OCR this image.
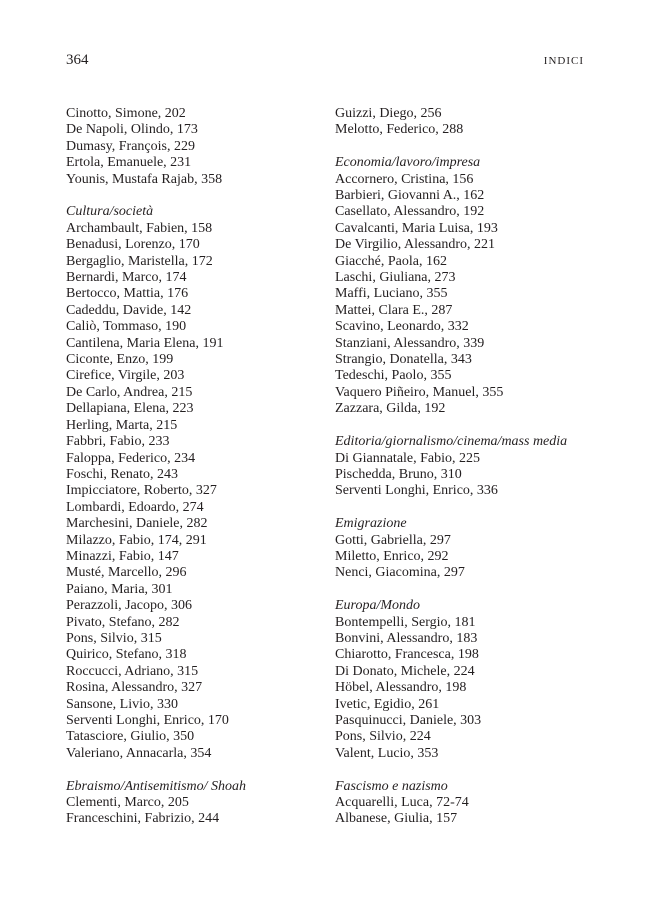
364	INDICI
Cinotto, Simone, 202
De Napoli, Olindo, 173
Dumasy, François, 229
Ertola, Emanuele, 231
Younis, Mustafa Rajab, 358
Cultura/società
Archambault, Fabien, 158
Benadusi, Lorenzo, 170
Bergaglio, Maristella, 172
Bernardi, Marco, 174
Bertocco, Mattia, 176
Cadeddu, Davide, 142
Caliò, Tommaso, 190
Cantilena, Maria Elena, 191
Ciconte, Enzo, 199
Cirefice, Virgile, 203
De Carlo, Andrea, 215
Dellapiana, Elena, 223
Herling, Marta, 215
Fabbri, Fabio, 233
Faloppa, Federico, 234
Foschi, Renato, 243
Impicciatore, Roberto, 327
Lombardi, Edoardo, 274
Marchesini, Daniele, 282
Milazzo, Fabio, 174, 291
Minazzi, Fabio, 147
Musté, Marcello, 296
Paiano, Maria, 301
Perazzoli, Jacopo, 306
Pivato, Stefano, 282
Pons, Silvio, 315
Quirico, Stefano, 318
Roccucci, Adriano, 315
Rosina, Alessandro, 327
Sansone, Livio, 330
Serventi Longhi, Enrico, 170
Tatasciore, Giulio, 350
Valeriano, Annacarla, 354
Ebraismo/Antisemitismo/ Shoah
Clementi, Marco, 205
Franceschini, Fabrizio, 244
Guizzi, Diego, 256
Melotto, Federico, 288
Economia/lavoro/impresa
Accornero, Cristina, 156
Barbieri, Giovanni A., 162
Casellato, Alessandro, 192
Cavalcanti, Maria Luisa, 193
De Virgilio, Alessandro, 221
Giacché, Paola, 162
Laschi, Giuliana, 273
Maffi, Luciano, 355
Mattei, Clara E., 287
Scavino, Leonardo, 332
Stanziani, Alessandro, 339
Strangio, Donatella, 343
Tedeschi, Paolo, 355
Vaquero Piñeiro, Manuel, 355
Zazzara, Gilda, 192
Editoria/giornalismo/cinema/mass media
Di Giannatale, Fabio, 225
Pischedda, Bruno, 310
Serventi Longhi, Enrico, 336
Emigrazione
Gotti, Gabriella, 297
Miletto, Enrico, 292
Nenci, Giacomina, 297
Europa/Mondo
Bontempelli, Sergio, 181
Bonvini, Alessandro, 183
Chiarotto, Francesca, 198
Di Donato, Michele, 224
Höbel, Alessandro, 198
Ivetic, Egidio, 261
Pasquinucci, Daniele, 303
Pons, Silvio, 224
Valent, Lucio, 353
Fascismo e nazismo
Acquarelli, Luca, 72-74
Albanese, Giulia, 157
